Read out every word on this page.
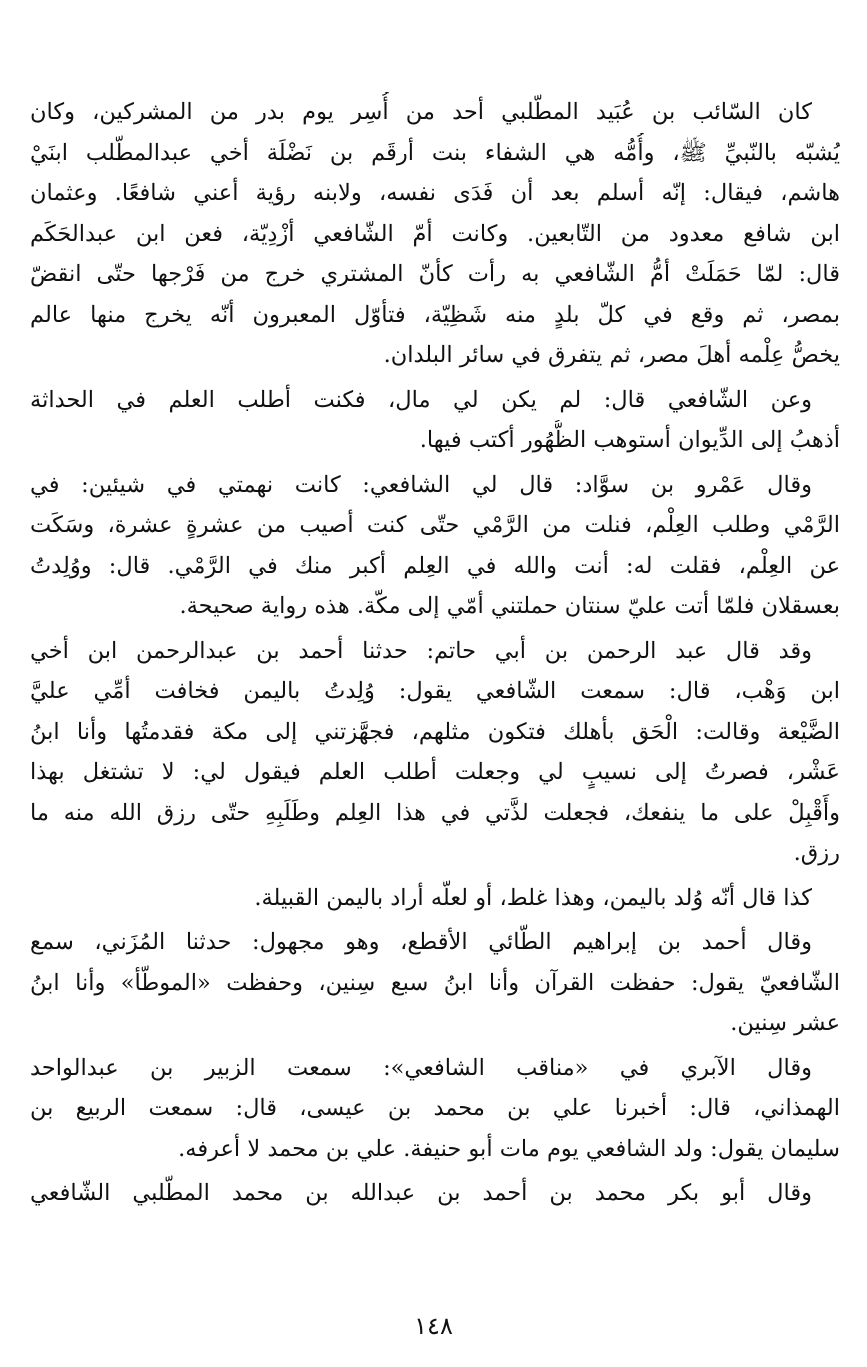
كان السّائب بن عُبَيد المطّلبي أحد من أُسِر يوم بدر من المشركين، وكان
يُشبّه بالنّبيِّ ﷺ، وأُمُّه هي الشفاء بنت أرقَم بن نَضْلَة أخي عبدالمطّلب ابنَيْ
هاشم، فيقال: إنّه أسلم بعد أن فَدَى نفسه، ولابنه رؤية أعني شافعًا. وعثمان
ابن شافع معدود من التّابعين. وكانت أمّ الشّافعي أزْدِيّة، فعن ابن عبدالحَكَم
قال: لمّا حَمَلَتْ أمُّ الشّافعي به رأت كأنّ المشتري خرج من فَرْجها حتّى انقضّ
بمصر، ثم وقع في كلّ بلدٍ منه شَظِيّة، فتأوّل المعبرون أنّه يخرج منها عالم
يخصُّ عِلْمه أهلَ مصر، ثم يتفرق في سائر البلدان.
وعن الشّافعي قال: لم يكن لي مال، فكنت أطلب العلم في الحداثة
أذهبُ إلى الدِّيوان أستوهب الظُّهُور أكتب فيها.
وقال عَمْرو بن سوَّاد: قال لي الشافعي: كانت نهمتي في شيئين: في
الرَّمْي وطلب العِلْم، فنلت من الرَّمْي حتّى كنت أصيب من عشرةٍ عشرة، وسَكَت
عن العِلْم، فقلت له: أنت والله في العِلم أكبر منك في الرَّمْي. قال: ووُلِدتُ
بعسقلان فلمّا أتت عليّ سنتان حملتني أمّي إلى مكّة. هذه رواية صحيحة.
وقد قال عبد الرحمن بن أبي حاتم: حدثنا أحمد بن عبدالرحمن ابن أخي
ابن وَهْب، قال: سمعت الشّافعي يقول: وُلِدتُ باليمن فخافت أمِّي عليَّ
الضَّيْعة وقالت: الْحَق بأهلك فتكون مثلهم، فجهَّزتني إلى مكة فقدمتُها وأنا ابنُ
عَشْر، فصرتُ إلى نسيبٍ لي وجعلت أطلب العلم فيقول لي: لا تشتغل بهذا
وأَقْبِلْ على ما ينفعك، فجعلت لذَّتي في هذا العِلم وطَلَبِهِ حتّى رزق الله منه ما
رزق.
كذا قال أنّه وُلد باليمن، وهذا غلط، أو لعلّه أراد باليمن القبيلة.
وقال أحمد بن إبراهيم الطّائي الأقطع، وهو مجهول: حدثنا المُزَني، سمع
الشّافعيّ يقول: حفظت القرآن وأنا ابنُ سبع سِنين، وحفظت «الموطّأ» وأنا ابنُ
عشر سِنين.
وقال الآبري في «مناقب الشافعي»: سمعت الزبير بن عبدالواحد
الهمذاني، قال: أخبرنا علي بن محمد بن عيسى، قال: سمعت الربيع بن
سليمان يقول: ولد الشافعي يوم مات أبو حنيفة. علي بن محمد لا أعرفه.
وقال أبو بكر محمد بن أحمد بن عبدالله بن محمد المطّلبي الشّافعي
١٤٨
